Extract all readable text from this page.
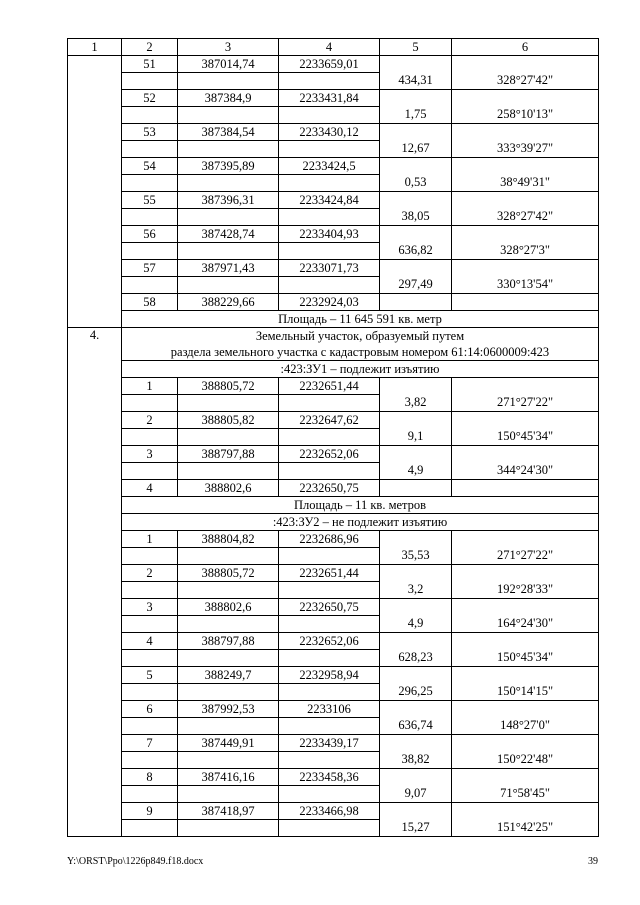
1	2	3	4	5	6
	51	387014,74	2233659,01		
				434,31	328°27'42"
	52	387384,9	2233431,84		
				1,75	258°10'13"
	53	387384,54	2233430,12		
				12,67	333°39'27"
	54	387395,89	2233424,5		
				0,53	38°49'31"
	55	387396,31	2233424,84		
				38,05	328°27'42"
	56	387428,74	2233404,93		
				636,82	328°27'3"
	57	387971,43	2233071,73		
				297,49	330°13'54"
	58	388229,66	2232924,03		
	Площадь – 11 645 591 кв. метр				
4.	Земельный участок, образуемый путем				
	раздела земельного участка с кадастровым номером 61:14:0600009:423				
	:423:ЗУ1 – подлежит изъятию				
	1	388805,72	2232651,44		
				3,82	271°27'22"
	2	388805,82	2232647,62		
				9,1	150°45'34"
	3	388797,88	2232652,06		
				4,9	344°24'30"
	4	388802,6	2232650,75		
	Площадь – 11 кв. метров				
	:423:ЗУ2 – не подлежит изъятию				
	1	388804,82	2232686,96		
				35,53	271°27'22"
	2	388805,72	2232651,44		
				3,2	192°28'33"
	3	388802,6	2232650,75		
				4,9	164°24'30"
	4	388797,88	2232652,06		
				628,23	150°45'34"
	5	388249,7	2232958,94		
				296,25	150°14'15"
	6	387992,53	2233106		
				636,74	148°27'0"
	7	387449,91	2233439,17		
				38,82	150°22'48"
	8	387416,16	2233458,36		
				9,07	71°58'45"
	9	387418,97	2233466,98		
				15,27	151°42'25"
Y:\ORST\Ppo\1226p849.f18.docx	39
